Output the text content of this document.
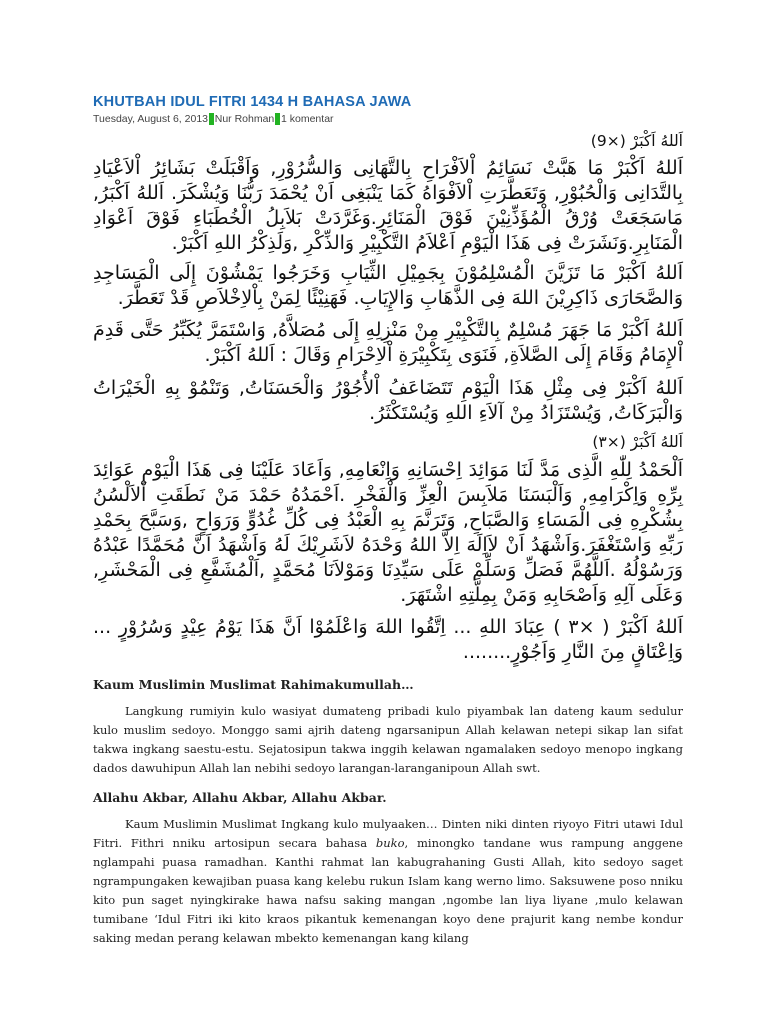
KHUTBAH IDUL FITRI 1434 H BAHASA JAWA
Tuesday, August 6, 2013 | Nur Rohman | 1 komentar
اَللهُ اَكْبَرْ (×9)
اَللهُ اَكْبَرْ مَا هَبَّتْ نَسَائِمُ اْلاَفْرَاحِ بِالتَّهَانِى وَالسُّرُوْرِ, وَاَقْبَلَتْ بَشَائِرُ اْلاَعْيَادِ بِالتَّدَانِى وَالْحُبُوْرِ, وَتَعَطَّرَتِ اْلاَفْوَاهُ كَمَا يَنْبَغِى اَنْ يُحْمَدَ رَبُّنَا وَيُشْكَرَ. اَللهُ اَكْبَرُ, مَاسَجَعَتْ وُرْقُ الْمُؤَذِّنِيْنَ فَوْقَ الْمَنَائِرِ.وَغَرَّدَتْ بَلاَبِلُ الْخُطَبَاءِ فَوْقَ اَعْوَادِ الْمَنَابِرِ.وَنَشَرَتْ فِى هَذَا الْيَوْمِ اَعْلاَمُ التَّكْبِيْرِ وَالذِّكْرِ ,وَلَذِكْرُ اللهِ اَكْبَرْ.
اَللهُ اَكْبَرْ مَا تَزَيَّنَ الْمُسْلِمُوْنَ بِجَمِيْلِ الثِّيَابِ وَخَرَجُوا يَمْشُوْنَ إِلَى الْمَسَاجِدِ وَالصَّحَارَى ذَاكِرِيْنَ اللهَ فِى الذَّهَابِ وَالإِيَابِ. فَهَنِيْئًا لِمَنْ بِاْلاِخْلاَصِ قَدْ تَعَطَّرَ.
اَللهُ اَكْبَرْ مَا جَهَرَ مُسْلِمٌ بِالتَّكْبِيْرِ مِنْ مَنْزِلِهِ إِلَى مُصَلاَّهُ, وَاسْتَمَرَّ يُكَبِّرُ حَتَّى قَدِمَ اْلإِمَامُ وَقَامَ إِلَى الصَّلاَةِ, فَنَوَى بِتَكْبِيْرَةِ اْلاِحْرَامِ وَقَالَ : اَللهُ اَكْبَرْ.
اَللهُ اَكْبَرْ فِى مِثْلِ هَذَا الْيَوْمِ تَتَضَاعَفُ اْلأُجُوْرُ وَالْحَسَنَاتُ, وَتَنْمُوْ بِهِ الْخَيْرَاتُ وَالْبَرَكَاتُ, وَيُسْتَزَادُ مِنْ آلاَءِ اللهِ وَيُسْتَكْثَرُ.
اَللهُ اَكْبَرْ (×٣)
اَلْحَمْدُ لِلّٰهِ الَّذِى مَدَّ لَنَا مَوَائِدَ اِحْسَانِهِ وَاِنْعَامِهِ, وَاَعَادَ عَلَيْنَا فِى هَذَا الْيَوْمِ عَوَائِدَ بِرِّهِ وَاِكْرَامِهِ, وَاَلْبَسَنَا مَلاَبِسَ الْعِزِّ وَالْفَخْرِ .اَحْمَدُهُ حَمْدَ مَنْ نَطَقَتِ اْلاَلْسُنُ بِشُكْرِهِ فِى الْمَسَاءِ وَالصَّبَاحِ, وَتَرَنَّمَ بِهِ الْعَبْدُ فِى كُلِّ غُدُوٍّ وَرَوَاحٍ ,وَسَبَّحَ بِحَمْدِ رَبِّهِ وَاسْتَغْفَرَ.وَاَشْهَدُ اَنْ لاَاِلَهَ اِلاَّ اللهُ وَحْدَهُ لاَشَرِيْكَ لَهُ وَاَشْهَدُ اَنَّ مُحَمَّدًا عَبْدُهُ وَرَسُوْلُهُ .اَللَّهُمَّ فَصَلِّ وَسَلِّمْ عَلَى سَيِّدِنَا وَمَوْلاَنَا مُحَمَّدٍ ,اَلْمُشَفَّعِ فِى الْمَحْشَرِ, وَعَلَى آلِهِ وَاَصْحَابِهِ وَمَنْ بِمِلَّتِهِ اشْتَهَرَ.
اَللهُ اَكْبَرْ ( ×٣ ) عِبَادَ اللهِ ... اِتَّقُوا اللهَ وَاعْلَمُوْا اَنَّ هَذَا يَوْمُ عِيْدٍ وَسُرُوْرٍ ... وَاِعْتَاقٍ مِنَ النَّارِ وَاَجُوْرٍ........
Kaum Muslimin Muslimat Rahimakumullah…

Langkung rumiyin kulo wasiyat dumateng pribadi kulo piyambak lan dateng kaum sedulur kulo muslim sedoyo. Monggo sami ajrih dateng ngarsanipun Allah kelawan netepi sikap lan sifat takwa ingkang saestu-estu. Sejatosipun takwa inggih kelawan ngamalaken sedoyo menopo ingkang dados dawuhipun Allah lan nebihi sedoyo larangan-laranganipoun Allah swt.

Allahu Akbar, Allahu Akbar, Allahu Akbar.

Kaum Muslimin Muslimat Ingkang kulo mulyaaken… Dinten niki dinten riyoyo Fitri utawi Idul Fitri. Fithri nniku artosipun secara bahasa buko, minongko tandane wus rampung anggene nglampahi puasa ramadhan. Kanthi rahmat lan kabugrahaning Gusti Allah, kito sedoyo saget ngrampungaken kewajiban puasa kang kelebu rukun Islam kang werno limo. Saksuwene poso nniku kito pun saget nyingkirake hawa nafsu saking mangan ,ngombe lan liya liyane ,mulo kelawan tumibane ‘Idul Fitri iki kito kraos pikantuk kemenangan koyo dene prajurit kang nembe kondur saking medan perang kelawan mbekto kemenangan kang kilang
